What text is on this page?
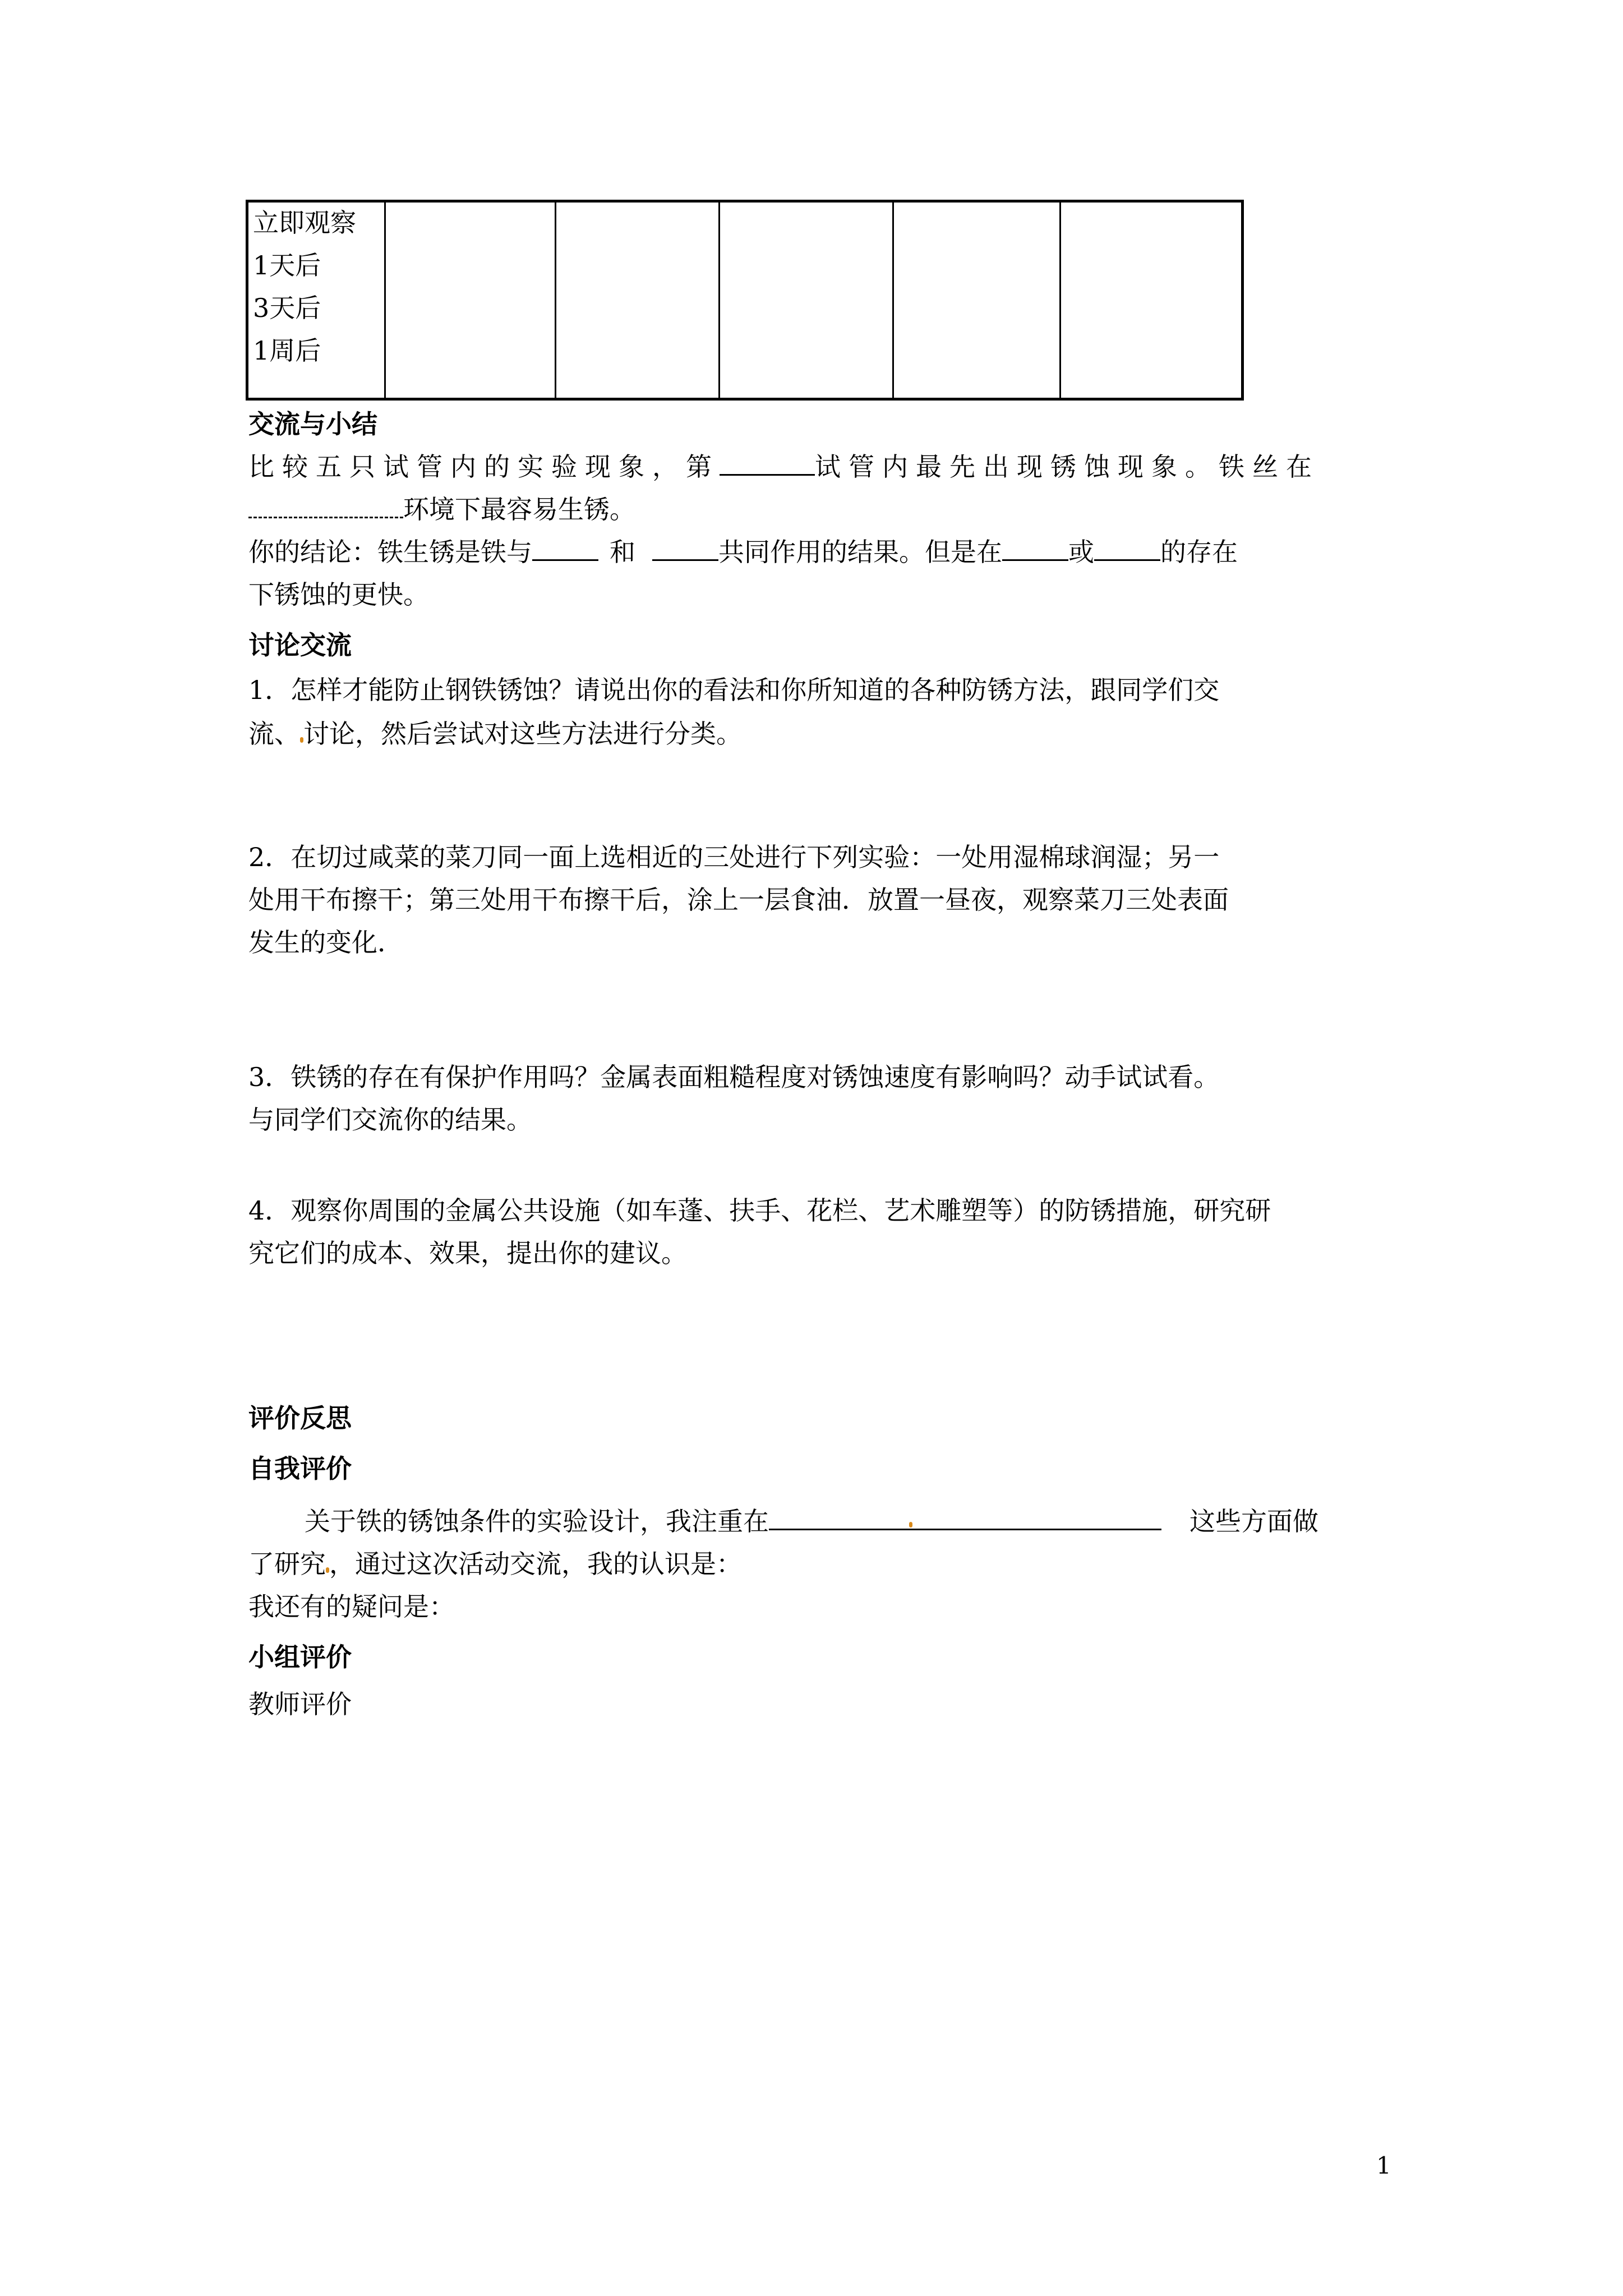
立即观察
1天后
3天后
1周后
交流与小结
比较五只试管内的实验现象，第	试管内最先出现锈蚀现象。铁丝在
环境下最容易生锈。
你的结论：铁生锈是铁与	和	共同作用的结果。但是在	或	的存在
下锈蚀的更快。
讨论交流
1．怎样才能防止钢铁锈蚀？请说出你的看法和你所知道的各种防锈方法，跟同学们交
流、 讨论，然后尝试对这些方法进行分类。
2．在切过咸菜的菜刀同一面上选相近的三处进行下列实验：一处用湿棉球润湿；另一
处用干布擦干；第三处用干布擦干后，涂上一层食油．放置一昼夜，观察菜刀三处表面
发生的变化．
3．铁锈的存在有保护作用吗？金属表面粗糙程度对锈蚀速度有影响吗？动手试试看。
与同学们交流你的结果。
4．观察你周围的金属公共设施（如车蓬、扶手、花栏、艺术雕塑等）的防锈措施，研究研
究它们的成本、效果，提出你的建议。
评价反思
自我评价
关于铁的锈蚀条件的实验设计，我注重在	这些方面做
了研究 ，通过这次活动交流，我的认识是：
我还有的疑问是：
小组评价
教师评价
1
